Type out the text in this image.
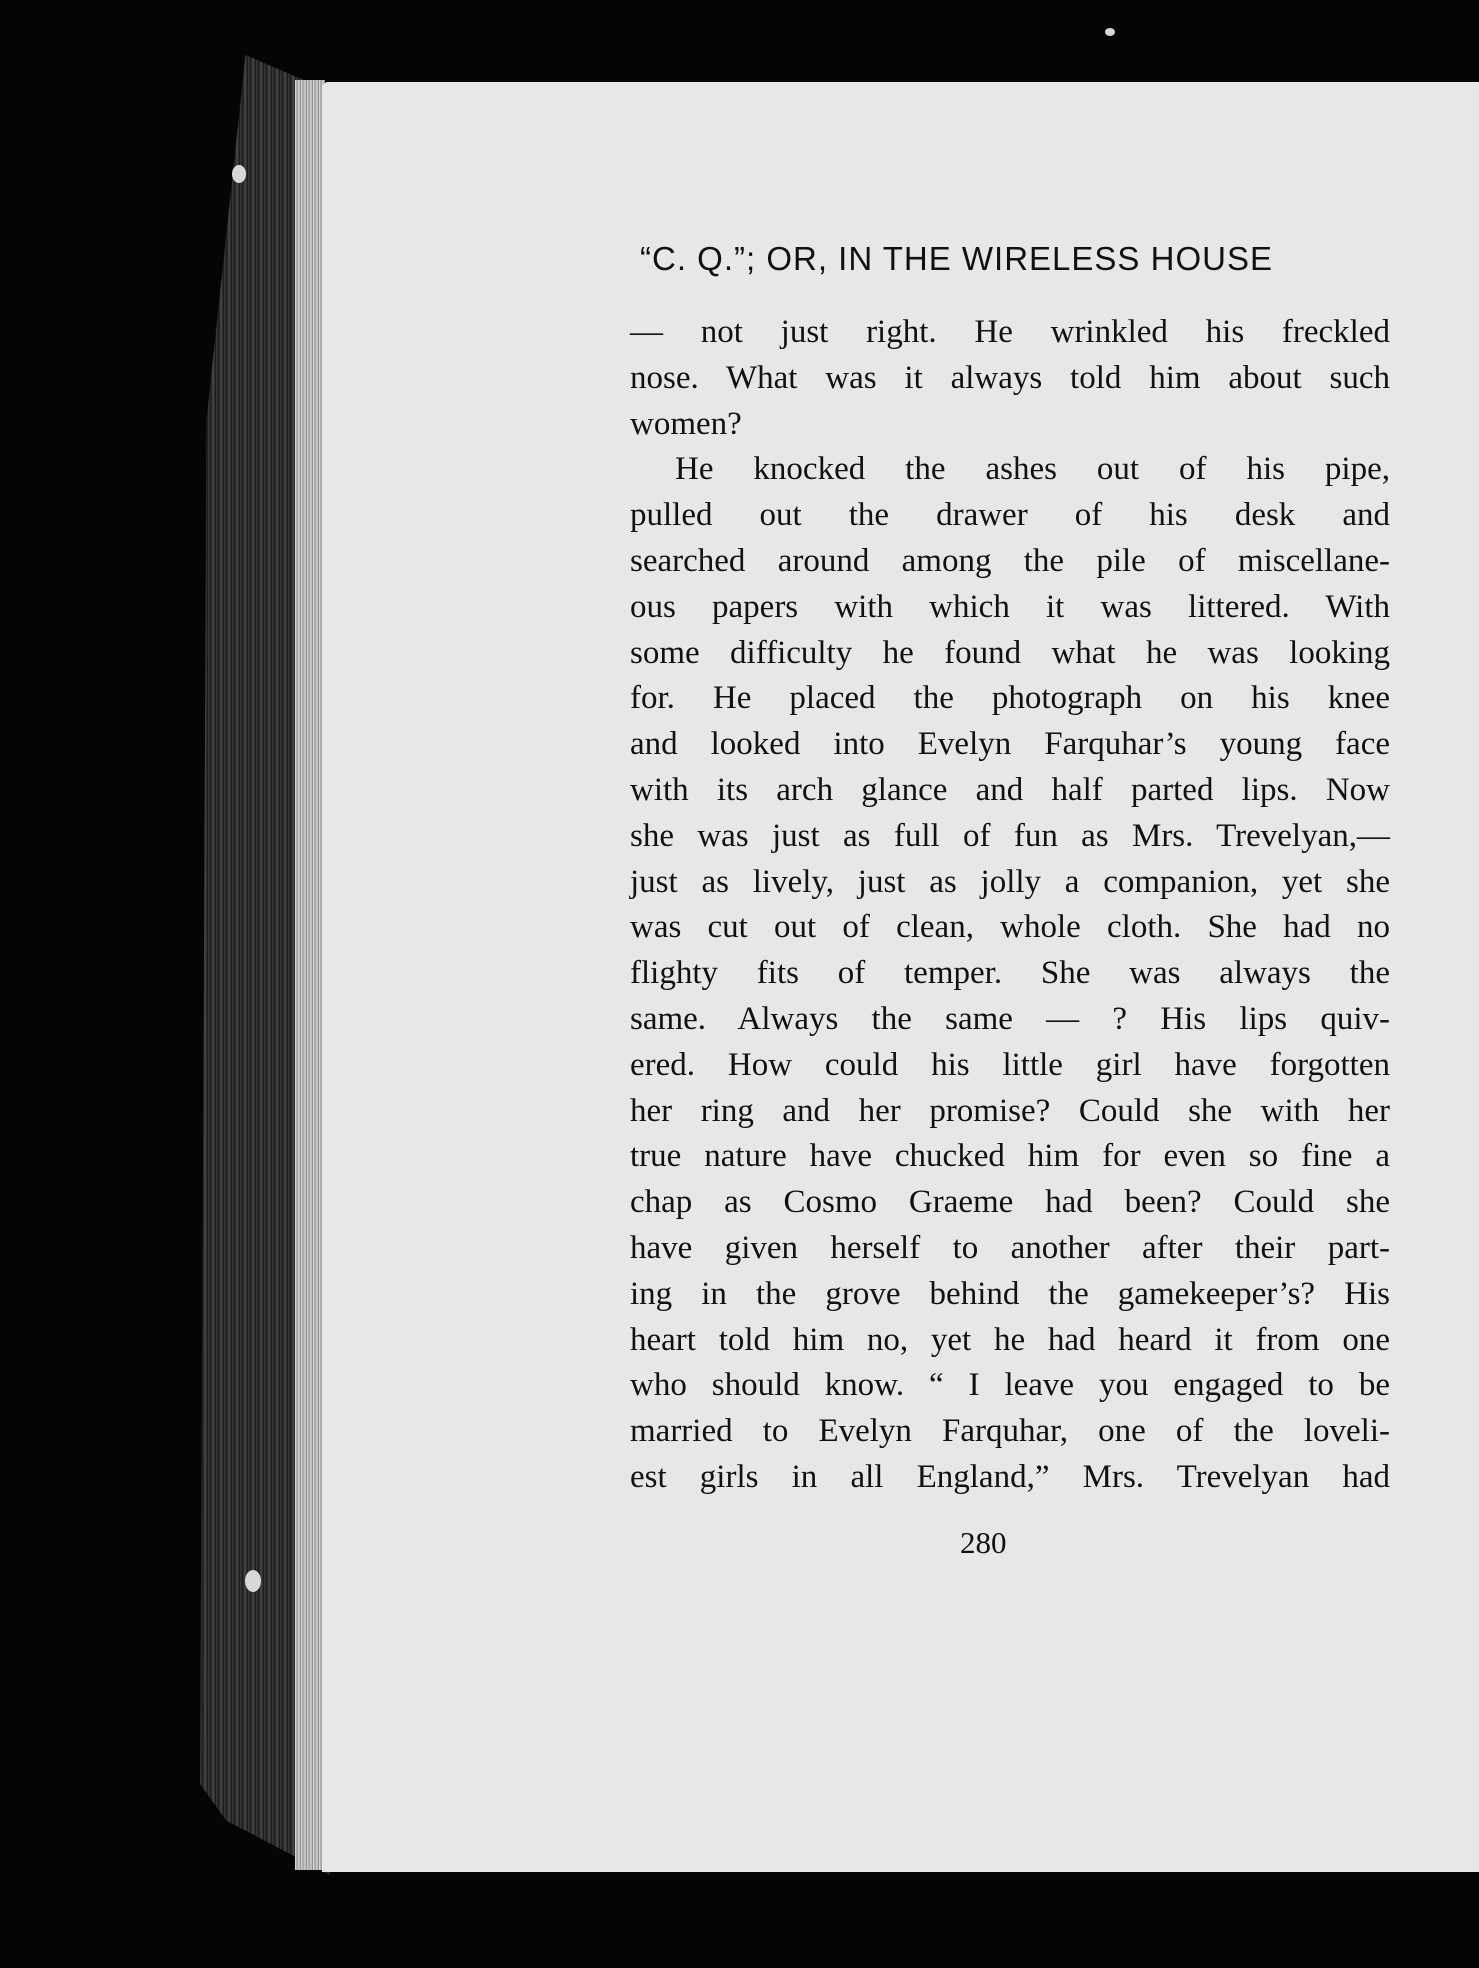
“C. Q.”; OR, IN THE WIRELESS HOUSE
— not just right. He wrinkled his freckled
nose. What was it always told him about such
women?
He knocked the ashes out of his pipe,
pulled out the drawer of his desk and
searched around among the pile of miscellane-
ous papers with which it was littered. With
some difficulty he found what he was looking
for. He placed the photograph on his knee
and looked into Evelyn Farquhar’s young face
with its arch glance and half parted lips. Now
she was just as full of fun as Mrs. Trevelyan,—
just as lively, just as jolly a companion, yet she
was cut out of clean, whole cloth. She had no
flighty fits of temper. She was always the
same. Always the same — ? His lips quiv-
ered. How could his little girl have forgotten
her ring and her promise? Could she with her
true nature have chucked him for even so fine a
chap as Cosmo Graeme had been? Could she
have given herself to another after their part-
ing in the grove behind the gamekeeper’s? His
heart told him no, yet he had heard it from one
who should know. “ I leave you engaged to be
married to Evelyn Farquhar, one of the loveli-
est girls in all England,” Mrs. Trevelyan had
280
